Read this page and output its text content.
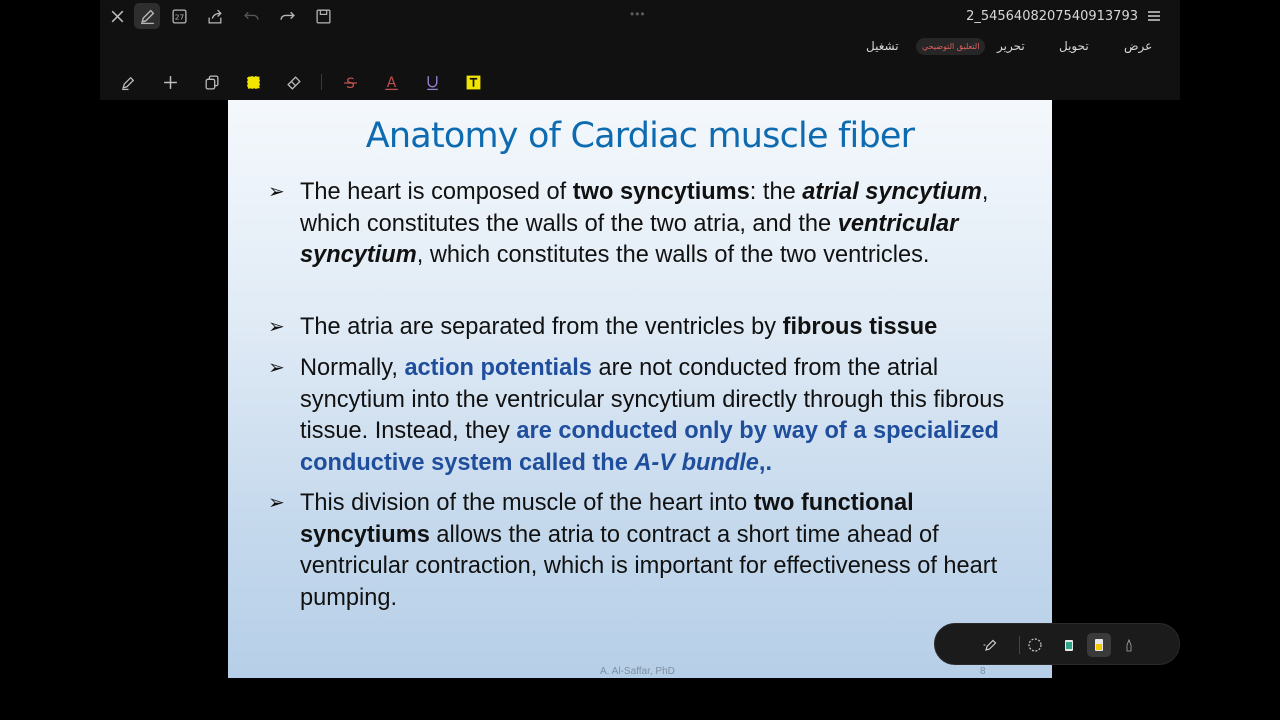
27	•••	2_5456408207540913793
عرض
تحويل
تحرير
التعليق التوضيحي
تشغيل
S A
Anatomy of Cardiac muscle fiber
➢ The heart is composed of two syncytiums: the atrial syncytium, which constitutes the walls of the two atria, and the ventricular syncytium, which constitutes the walls of the two ventricles.
➢ The atria are separated from the ventricles by fibrous tissue
➢ Normally, action potentials are not conducted from the atrial syncytium into the ventricular syncytium directly through this fibrous tissue. Instead, they are conducted only by way of a specialized conductive system called the A-V bundle,.
➢ This division of the muscle of the heart into two functional syncytiums allows the atria to contract a short time ahead of ventricular contraction, which is important for effectiveness of heart pumping.
A. Al-Saffar, PhD	8
